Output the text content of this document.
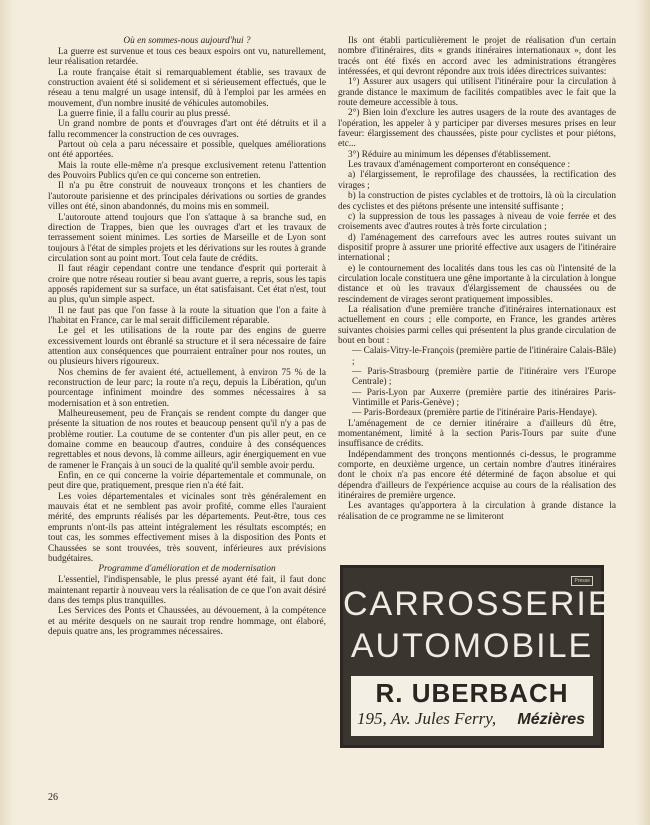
Où en sommes-nous aujourd'hui ?

La guerre est survenue et tous ces beaux espoirs ont vu, naturellement, leur réalisation retardée.

La route française était si remarquablement établie, ses travaux de construction avaient été si solidement et si sérieusement effectués, que le réseau a tenu malgré un usage intensif, dû à l'emploi par les armées en mouvement, d'un nombre inusité de véhicules automobiles.

La guerre finie, il a fallu courir au plus pressé.

Un grand nombre de ponts et d'ouvrages d'art ont été détruits et il a fallu recommencer la construction de ces ouvrages.

Partout où cela a paru nécessaire et possible, quelques améliorations ont été apportées.

Mais la route elle-même n'a presque exclusivement retenu l'attention des Pouvoirs Publics qu'en ce qui concerne son entretien.

Il n'a pu être construit de nouveaux tronçons et les chantiers de l'autoroute parisienne et des principales dérivations ou sorties de grandes villes ont été, sinon abandonnés, du moins mis en sommeil.

L'autoroute attend toujours que l'on s'attaque à sa branche sud, en direction de Trappes, bien que les ouvrages d'art et les travaux de terrassement soient minimes. Les sorties de Marseille et de Lyon sont toujours à l'état de simples projets et les dérivations sur les routes à grande circulation sont au point mort. Tout cela faute de crédits.

Il faut réagir cependant contre une tendance d'esprit qui porterait à croire que notre réseau routier si beau avant guerre, a repris, sous les tapis apposés rapidement sur sa surface, un état satisfaisant. Cet état n'est, tout au plus, qu'un simple aspect.

Il ne faut pas que l'on fasse à la route la situation que l'on a faite à l'habitat en France, car le mal serait difficilement réparable.

Le gel et les utilisations de la route par des engins de guerre excessivement lourds ont ébranlé sa structure et il sera nécessaire de faire attention aux conséquences que pourraient entraîner pour nos routes, un ou plusieurs hivers rigoureux.

Nos chemins de fer avaient été, actuellement, à environ 75 % de la reconstruction de leur parc; la route n'a reçu, depuis la Libération, qu'un pourcentage infiniment moindre des sommes nécessaires à sa modernisation et à son entretien.

Malheureusement, peu de Français se rendent compte du danger que présente la situation de nos routes et beaucoup pensent qu'il n'y a pas de problème routier. La coutume de se contenter d'un pis aller peut, en ce domaine comme en beaucoup d'autres, conduire à des conséquences regrettables et nous devons, là comme ailleurs, agir énergiquement en vue de ramener le Français à un souci de la qualité qu'il semble avoir perdu.

Enfin, en ce qui concerne la voirie départementale et communale, on peut dire que, pratiquement, presque rien n'a été fait.

Les voies départementales et vicinales sont très généralement en mauvais état et ne semblent pas avoir profité, comme elles l'auraient mérité, des emprunts réalisés par les départements. Peut-être, tous ces emprunts n'ont-ils pas atteint intégralement les résultats escomptés; en tout cas, les sommes effectivement mises à la disposition des Ponts et Chaussées se sont trouvées, très souvent, inférieures aux prévisions budgétaires.

Programme d'amélioration et de modernisation

L'essentiel, l'indispensable, le plus pressé ayant été fait, il faut donc maintenant repartir à nouveau vers la réalisation de ce que l'on avait désiré dans des temps plus tranquilles.

Les Services des Ponts et Chaussées, au dévouement, à la compétence et au mérite desquels on ne saurait trop rendre hommage, ont élaboré, depuis quatre ans, les programmes nécessaires.

Ils ont établi particulièrement le projet de réalisation d'un certain nombre d'itinéraires, dits « grands itinéraires internationaux », dont les tracés ont été fixés en accord avec les administrations étrangères intéressées, et qui devront répondre aux trois idées directrices suivantes:

1°) Assurer aux usagers qui utilisent l'itinéraire pour la circulation à grande distance le maximum de facilités compatibles avec le fait que la route demeure accessible à tous.

2°) Bien loin d'exclure les autres usagers de la route des avantages de l'opération, les appeler à y participer par diverses mesures prises en leur faveur: élargissement des chaussées, piste pour cyclistes et pour piétons, etc...

3°) Réduire au minimum les dépenses d'établissement.

Les travaux d'aménagement comporteront en conséquence :

a) l'élargissement, le reprofilage des chaussées, la rectification des virages ;

b) la construction de pistes cyclables et de trottoirs, là où la circulation des cyclistes et des piétons présente une intensité suffisante ;

c) la suppression de tous les passages à niveau de voie ferrée et des croisements avec d'autres routes à très forte circulation ;

d) l'aménagement des carrefours avec les autres routes suivant un dispositif propre à assurer une priorité effective aux usagers de l'itinéraire international ;

e) le contournement des localités dans tous les cas où l'intensité de la circulation locale constituera une gêne importante à la circulation à longue distance et où les travaux d'élargissement de chaussées ou de rescindement de virages seront pratiquement impossibles.

La réalisation d'une première tranche d'itinéraires internationaux est actuellement en cours ; elle comporte, en France, les grandes artères suivantes choisies parmi celles qui présentent la plus grande circulation de bout en bout :

— Calais-Vitry-le-François (première partie de l'itinéraire Calais-Bâle) ;

— Paris-Strasbourg (première partie de l'itinéraire vers l'Europe Centrale) ;

— Paris-Lyon par Auxerre (première partie des itinéraires Paris-Vintimille et Paris-Genève) ;

— Paris-Bordeaux (première partie de l'itinéraire Paris-Hendaye).

L'aménagement de ce dernier itinéraire a d'ailleurs dû être, momentanément, limité à la section Paris-Tours par suite d'une insuffisance de crédits.

Indépendamment des tronçons mentionnés ci-dessus, le programme comporte, en deuxième urgence, un certain nombre d'autres itinéraires dont le choix n'a pas encore été déterminé de façon absolue et qui dépendra d'ailleurs de l'expérience acquise au cours de la réalisation des itinéraires de première urgence.

Les avantages qu'apportera à la circulation à grande distance la réalisation de ce programme ne se limiteront

Presse
CARROSSERIE
AUTOMOBILE
R. UBERBACH
195, Av. Jules Ferry, Mézières
26
